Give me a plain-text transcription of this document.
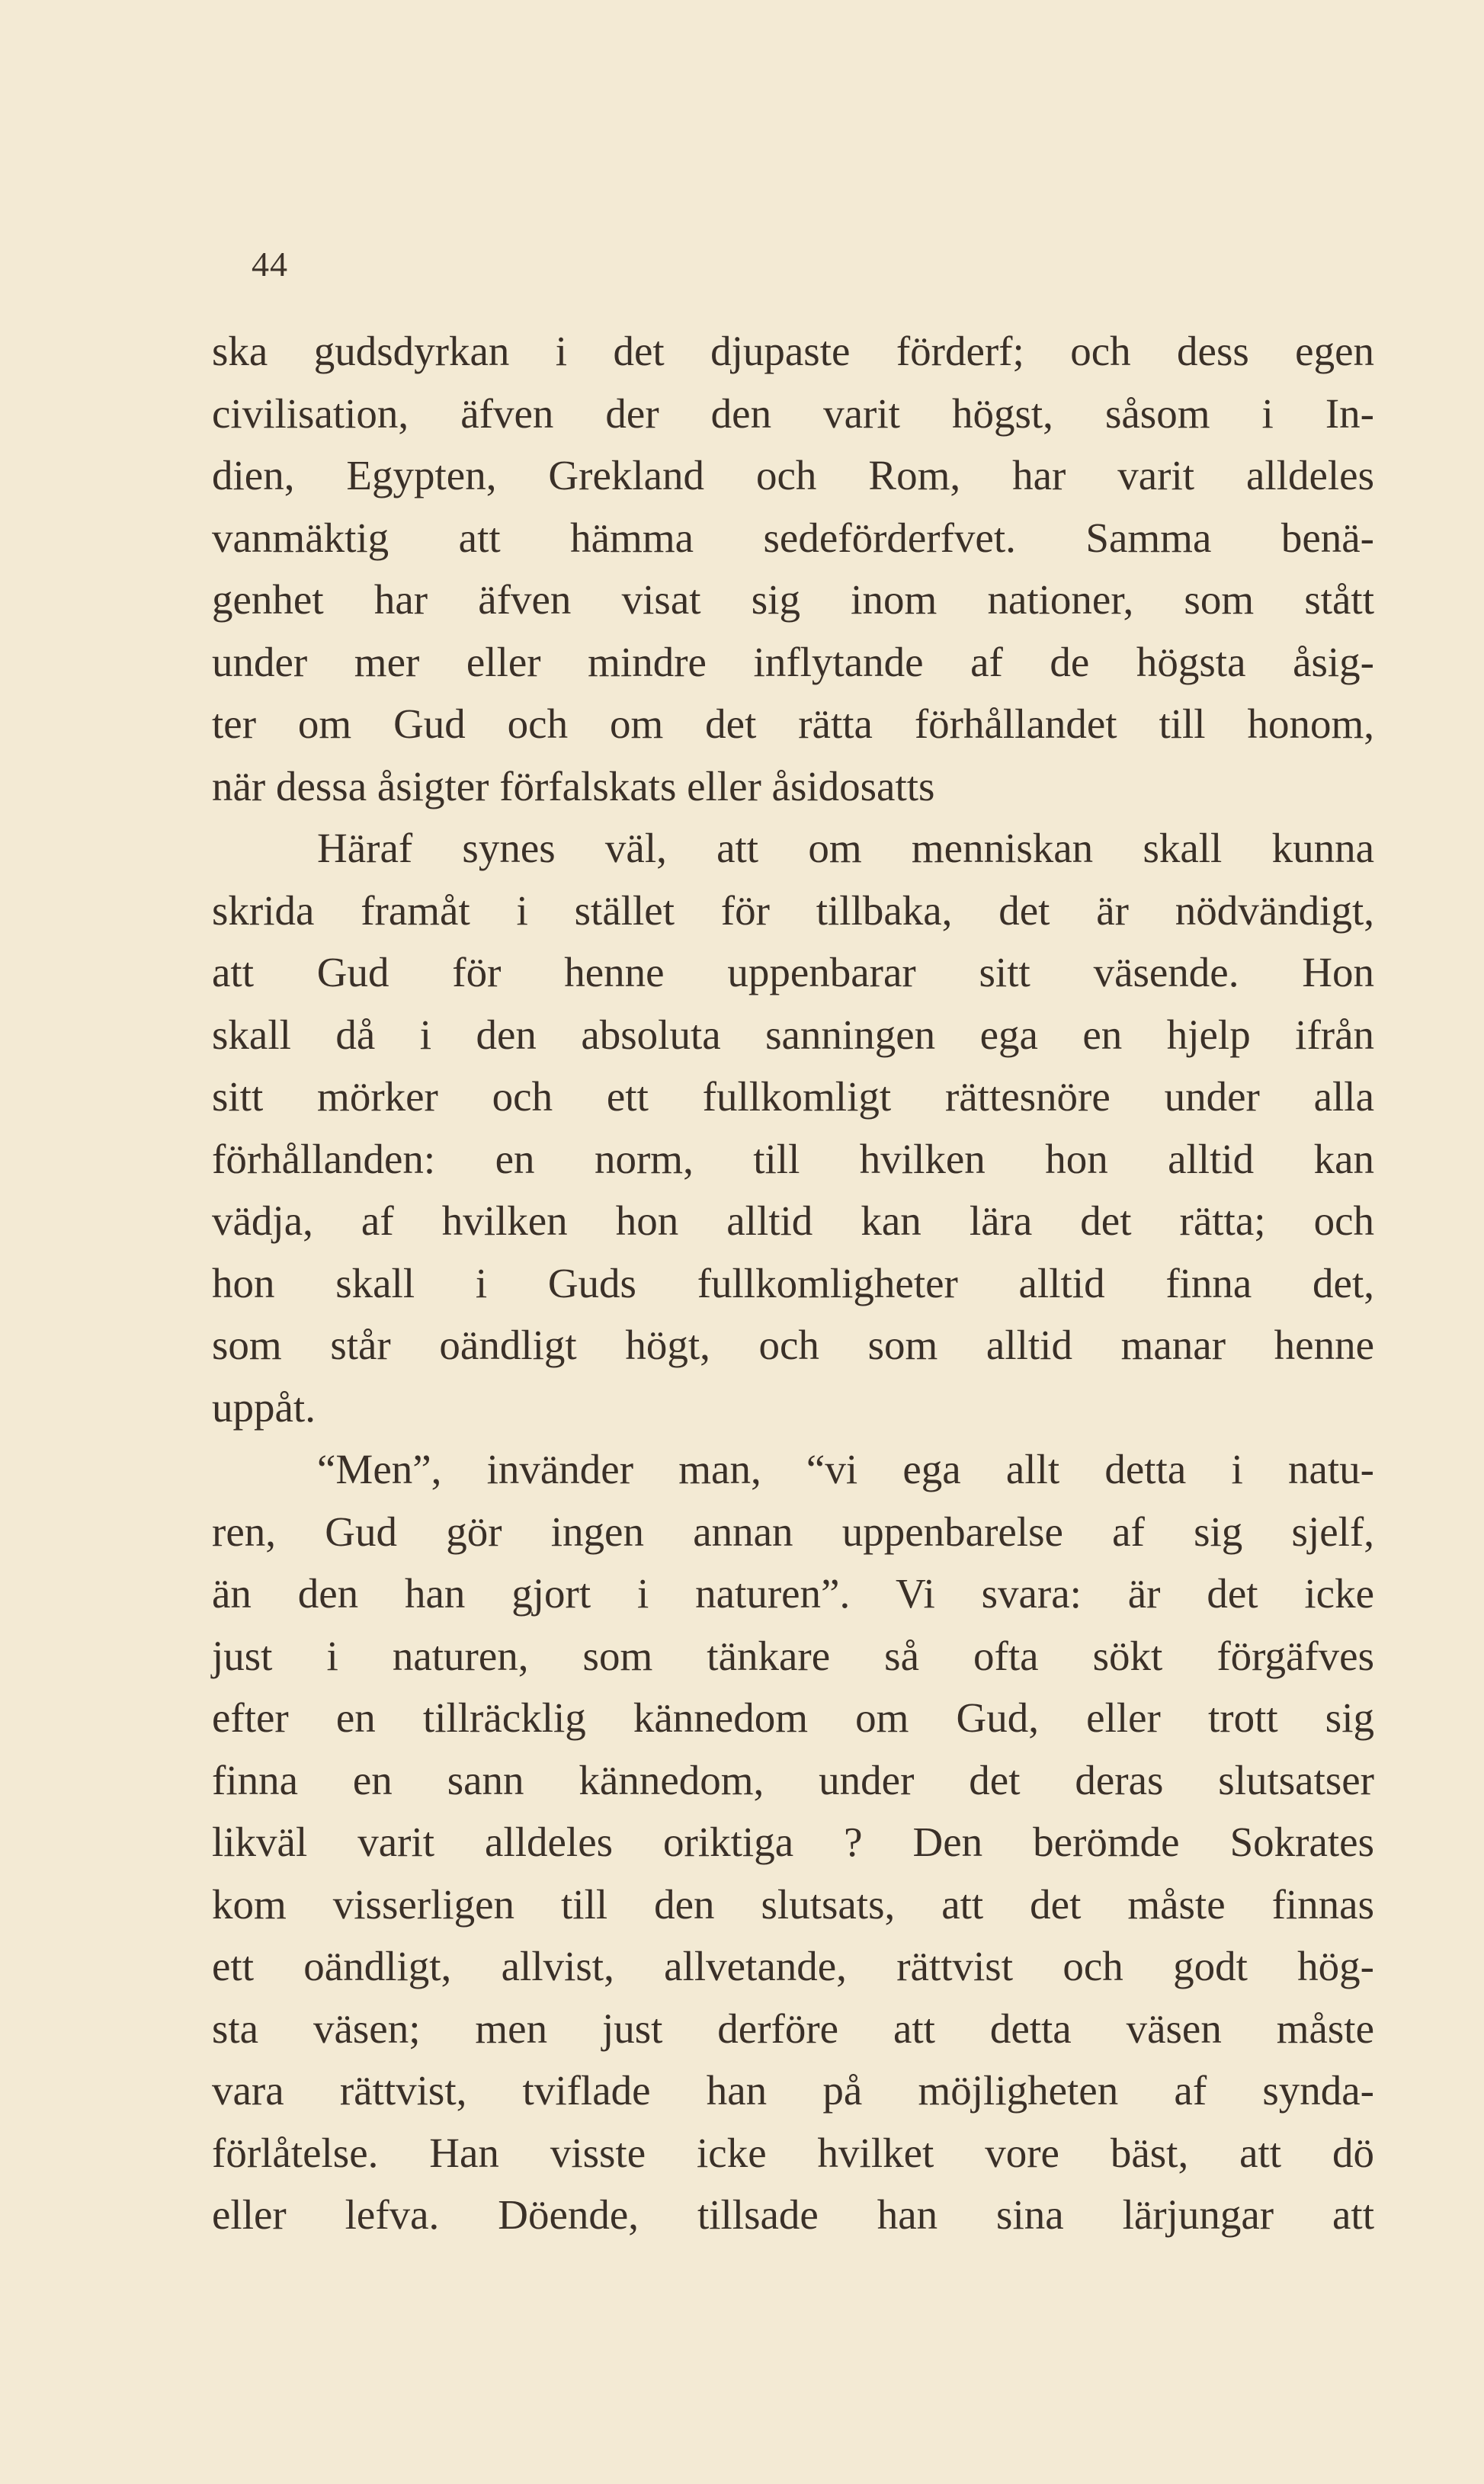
44
ska gudsdyrkan i det djupaste förderf; och dess egen
civilisation, äfven der den varit högst, såsom i In-
dien, Egypten, Grekland och Rom, har varit alldeles
vanmäktig att hämma sedeförderfvet. Samma benä-
genhet har äfven visat sig inom nationer, som stått
under mer eller mindre inflytande af de högsta åsig-
ter om Gud och om det rätta förhållandet till honom,
när dessa åsigter förfalskats eller åsidosatts
Häraf synes väl, att om menniskan skall kunna
skrida framåt i stället för tillbaka, det är nödvändigt,
att Gud för henne uppenbarar sitt väsende. Hon
skall då i den absoluta sanningen ega en hjelp ifrån
sitt mörker och ett fullkomligt rättesnöre under alla
förhållanden: en norm, till hvilken hon alltid kan
vädja, af hvilken hon alltid kan lära det rätta; och
hon skall i Guds fullkomligheter alltid finna det,
som står oändligt högt, och som alltid manar henne
uppåt.
“Men”, invänder man, “vi ega allt detta i natu-
ren, Gud gör ingen annan uppenbarelse af sig sjelf,
än den han gjort i naturen”. Vi svara: är det icke
just i naturen, som tänkare så ofta sökt förgäfves
efter en tillräcklig kännedom om Gud, eller trott sig
finna en sann kännedom, under det deras slutsatser
likväl varit alldeles oriktiga ? Den berömde Sokrates
kom visserligen till den slutsats, att det måste finnas
ett oändligt, allvist, allvetande, rättvist och godt hög-
sta väsen; men just derföre att detta väsen måste
vara rättvist, tviflade han på möjligheten af synda-
förlåtelse. Han visste icke hvilket vore bäst, att dö
eller lefva. Döende, tillsade han sina lärjungar att
